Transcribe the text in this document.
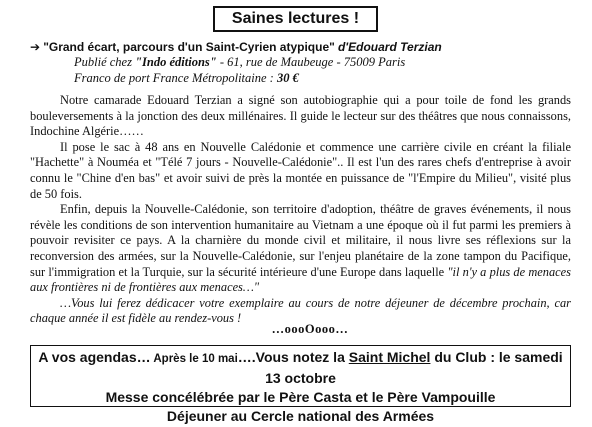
Saines lectures !
➔ "Grand écart, parcours d'un Saint-Cyrien atypique" d'Edouard Terzian
Publié chez "Indo éditions" - 61, rue de Maubeuge - 75009 Paris
Franco de port France Métropolitaine : 30 €

Notre camarade Edouard Terzian a signé son autobiographie qui a pour toile de fond les grands bouleversements à la jonction des deux millénaires. Il guide le lecteur sur des théâtres que nous connaissons, Indochine Algérie……

Il pose le sac à 48 ans en Nouvelle Calédonie et commence une carrière civile en créant la filiale "Hachette" à Nouméa et "Télé 7 jours - Nouvelle-Calédonie".. Il est l'un des rares chefs d'entreprise à avoir connu le "Chine d'en bas" et avoir suivi de près la montée en puissance de "l'Empire du Milieu", visité plus de 50 fois.

Enfin, depuis la Nouvelle-Calédonie, son territoire d'adoption, théâtre de graves événements, il nous révèle les conditions de son intervention humanitaire au Vietnam a une époque où il fut parmi les premiers à pouvoir revisiter ce pays. A la charnière du monde civil et militaire, il nous livre ses réflexions sur la reconversion des armées, sur la Nouvelle-Calédonie, sur l'enjeu planétaire de la zone tampon du Pacifique, sur l'immigration et la Turquie, sur la sécurité intérieure d'une Europe dans laquelle "il n'y a plus de menaces aux frontières ni de frontières aux menaces…"

…Vous lui ferez dédicacer votre exemplaire au cours de notre déjeuner de décembre prochain, car chaque année il est fidèle au rendez-vous !

…oooOooo…
A vos agendas… Après le 10 mai….Vous notez la Saint Michel du Club : le samedi 13 octobre
Messe concélébrée par le Père Casta et le Père Vampouille
Déjeuner au Cercle national des Armées
